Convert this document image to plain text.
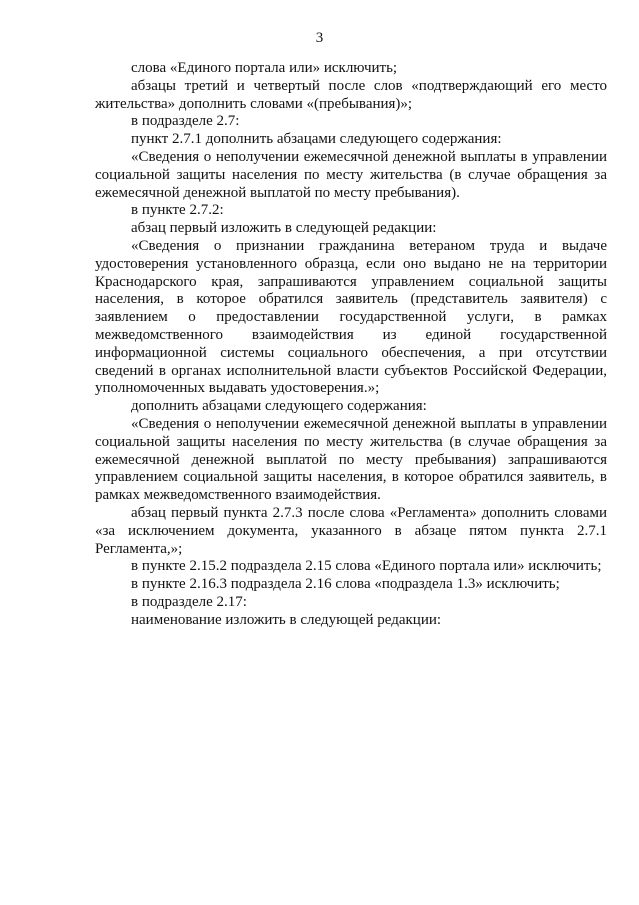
3

слова «Единого портала или» исключить;

абзацы третий и четвертый после слов «подтверждающий его место жительства» дополнить словами «(пребывания)»;

в подразделе 2.7:

пункт 2.7.1 дополнить абзацами следующего содержания:

«Сведения о неполучении ежемесячной денежной выплаты в управлении социальной защиты населения по месту жительства (в случае обращения за ежемесячной денежной выплатой по месту пребывания).

в пункте 2.7.2:

абзац первый изложить в следующей редакции:

«Сведения о признании гражданина ветераном труда и выдаче удостоверения установленного образца, если оно выдано не на территории Краснодарского края, запрашиваются управлением социальной защиты населения, в которое обратился заявитель (представитель заявителя) с заявлением о предоставлении государственной услуги, в рамках межведомственного взаимодействия из единой государственной информационной системы социального обеспечения, а при отсутствии сведений в органах исполнительной власти субъектов Российской Федерации, уполномоченных выдавать удостоверения.»;

дополнить абзацами следующего содержания:

«Сведения о неполучении ежемесячной денежной выплаты в управлении социальной защиты населения по месту жительства (в случае обращения за ежемесячной денежной выплатой по месту пребывания) запрашиваются управлением социальной защиты населения, в которое обратился заявитель, в рамках межведомственного взаимодействия.

абзац первый пункта 2.7.3 после слова «Регламента» дополнить словами «за исключением документа, указанного в абзаце пятом пункта 2.7.1 Регламента,»;

в пункте 2.15.2 подраздела 2.15 слова «Единого портала или» исключить;

в пункте 2.16.3 подраздела 2.16 слова «подраздела 1.3» исключить;

в подразделе 2.17:

наименование изложить в следующей редакции:
